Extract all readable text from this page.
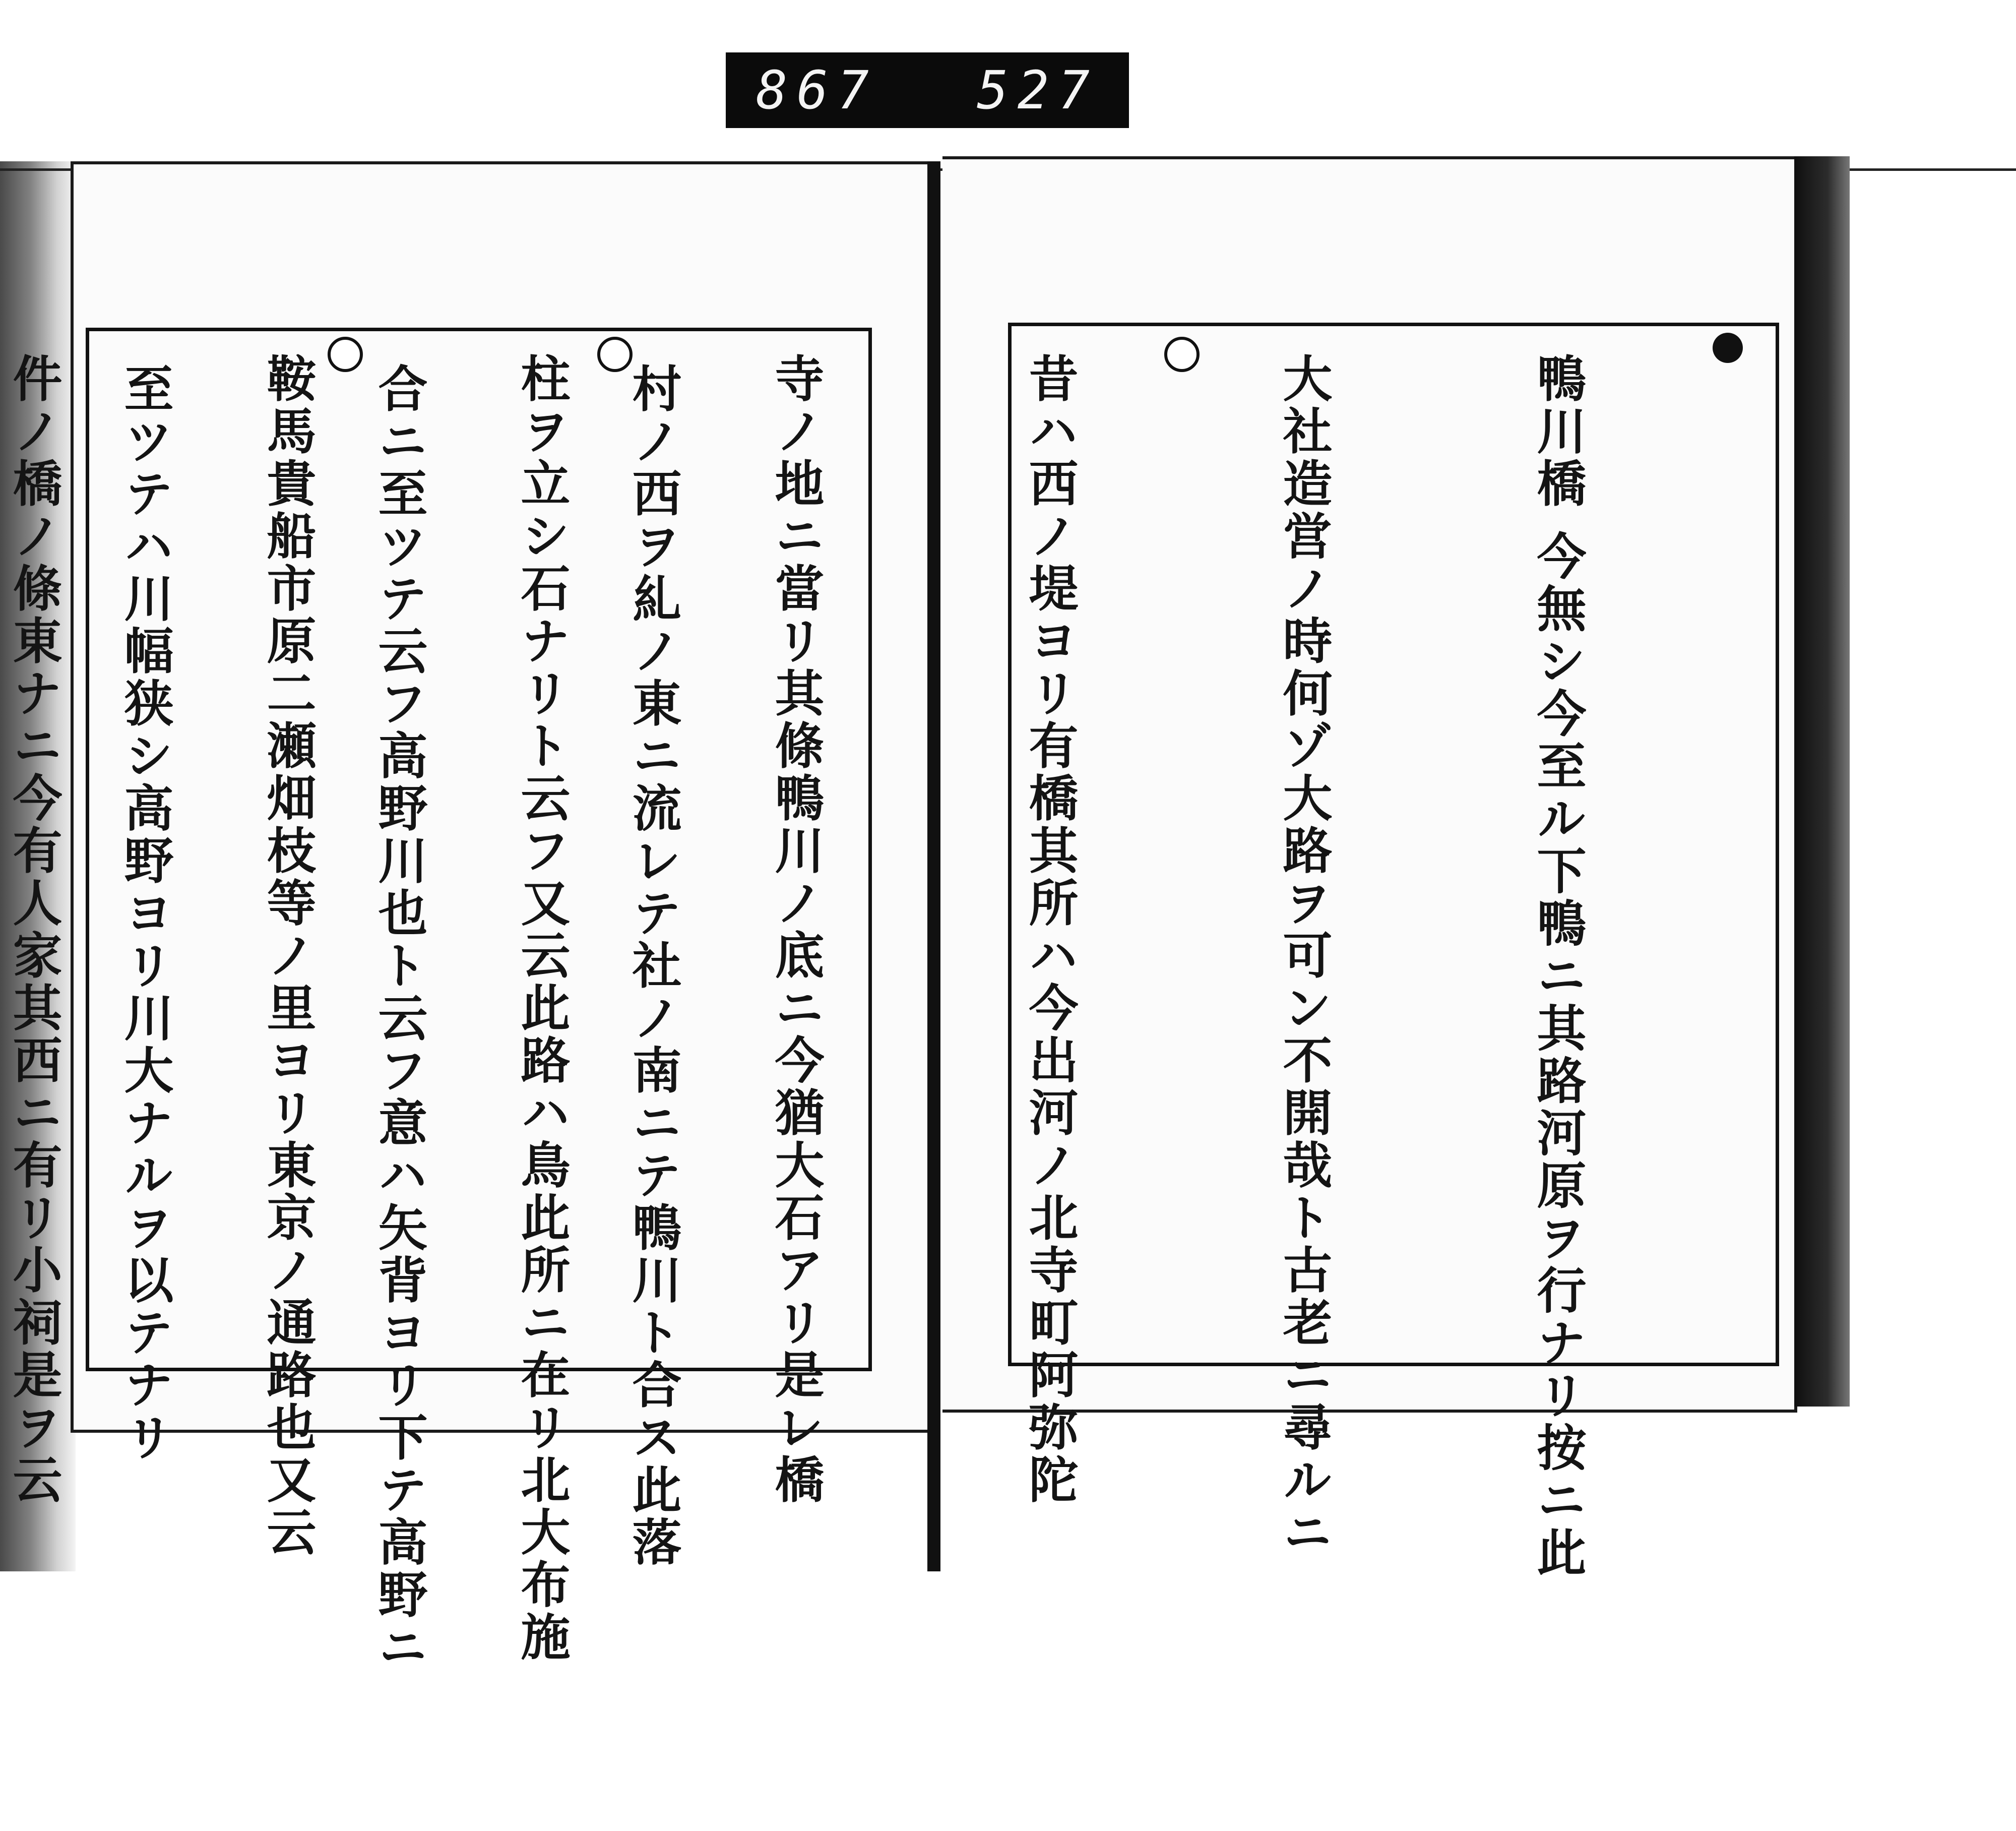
鴨川橋 今無シ今至ル下鴨ニ其路河原ヲ行ナリ按ニ此

大社造営ノ時何ゾ大路ヲ可ン不開哉ト古老ニ尋ルニ

昔ハ西ノ堤ヨリ有橋其所ハ今出河ノ北寺町阿弥陀

寺ノ地ニ當リ其條鴨川ノ底ニ今猶大石アリ是レ橋

柱ヲ立シ石ナリト云フ又云此路ハ鳥此所ニ在リ北大布施

鞍馬貴船市原二瀬畑枝等ノ里ヨリ東京ノ通路也又云

件ノ橋ノ條東ナニ今有人家其西ニ有リ小祠是ヲ云

	村ノ西ヲ糺ノ東ニ流レテ社ノ南ニテ鴨川ト合ス此落

合ニ至ツテ云フ高野川也ト云フ意ハ矢背ヨリ下テ高野ニ

至ツテハ川幅狭シ高野ヨリ川大ナルヲ以テナリ

867 527
